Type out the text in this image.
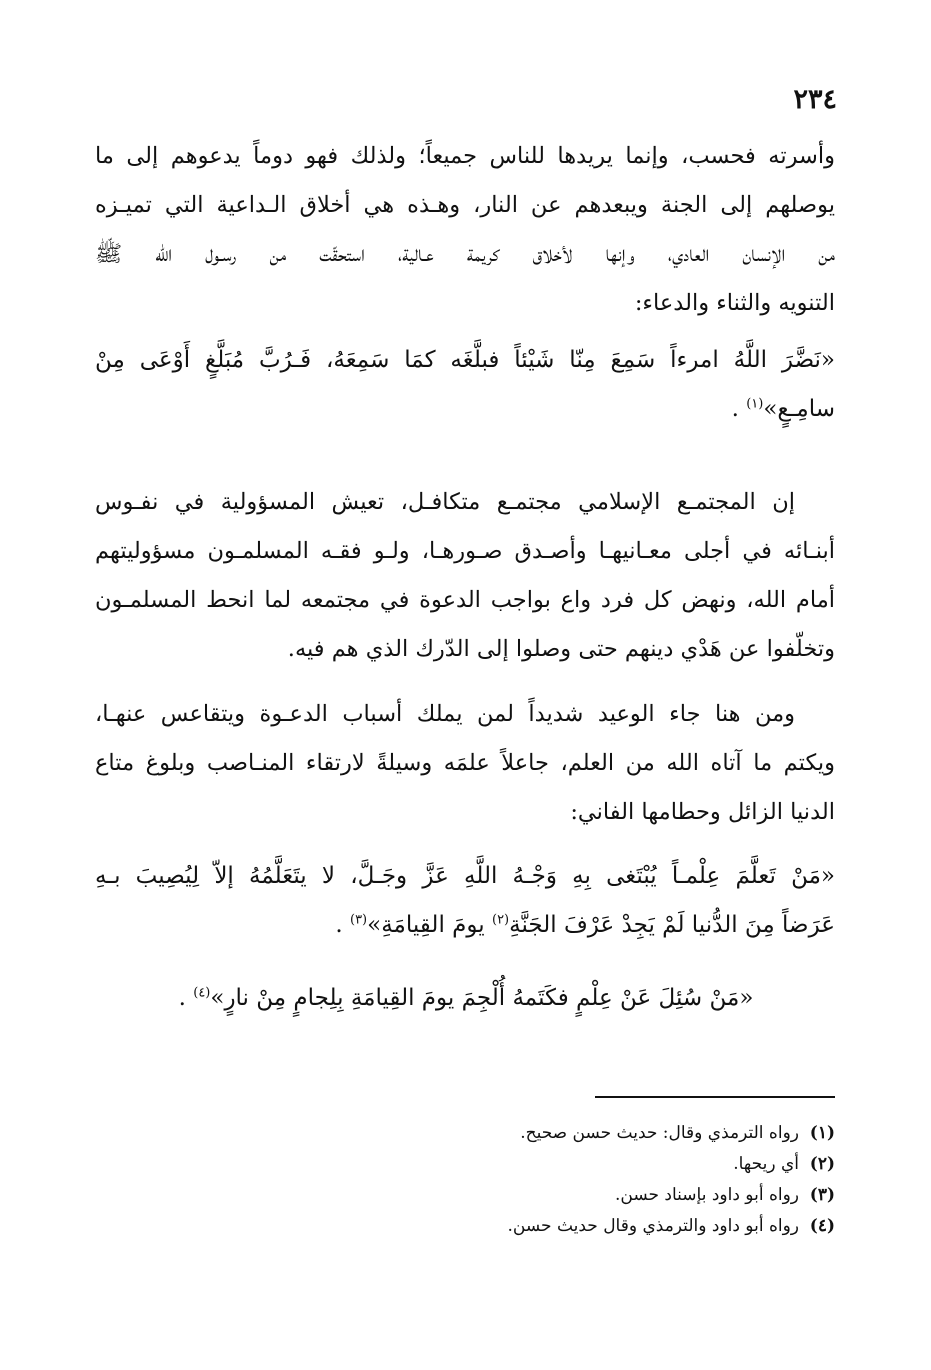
٢٣٤
وأسرته فحسب، وإنما يريدها للناس جميعاً؛ ولذلك فهو دوماً يدعوهم إلى ما
يوصلهم إلى الجنة ويبعدهم عن النار، وهـذه هي أخلاق الـداعية التي تميـزه
من الإنسان العادي، وإنها لأخلاق كريمة عـالية، استحقّت من رسـول الله ﷺ
التنويه والثناء والدعاء:
«نَضَّرَ اللَّهُ امرءاً سَمِعَ مِنّا شَيْئاً فبلَّغَه كمَا سَمِعَهُ، فَـرُبَّ مُبَلَّغٍ أَوْعَى مِنْ
سامِـعٍ»$^{(١)}$ .
إن المجتمـع الإسلامي مجتمـع متكافـل، تعيش المسؤولية في نفـوس
أبنـائه في أجلى معـانيهـا وأصـدق صـورهـا، ولـو فقـه المسلمـون مسؤوليتهم
أمام الله، ونهض كل فرد واع بواجب الدعوة في مجتمعه لما انحط المسلمـون
وتخلّفوا عن هَدْي دينهم حتى وصلوا إلى الدّرك الذي هم فيه.
ومن هنا جاء الوعيد شديداً لمن يملك أسباب الدعـوة ويتقاعس عنهـا،
ويكتم ما آتاه الله من العلم، جاعلاً علمَه وسيلةً لارتقاء المنـاصب وبلوغ متاع
الدنيا الزائل وحطامها الفاني:
«مَنْ تَعلَّمَ عِلْمـاً يُبْتَغى بِهِ وَجْـهُ اللَّهِ عَزَّ وجَـلَّ، لا يتَعَلَّمُهُ إلاّ لِيُصِيبَ بـهِ
عَرَضاً مِنَ الدُّنيا لَمْ يَجِدْ عَرْفَ الجَنَّةِ$^{(٢)}$ يومَ القِيامَةِ»$^{(٣)}$ .
«مَنْ سُئِلَ عَنْ عِلْمٍ فكَتَمهُ أُلْجِمَ يومَ القِيامَةِ بِلِجامٍ مِنْ نارٍ»$^{(٤)}$ .
(١)رواه الترمذي وقال: حديث حسن صحيح.
(٢)أي ريحها.
(٣)رواه أبو داود بإسناد حسن.
(٤)رواه أبو داود والترمذي وقال حديث حسن.
